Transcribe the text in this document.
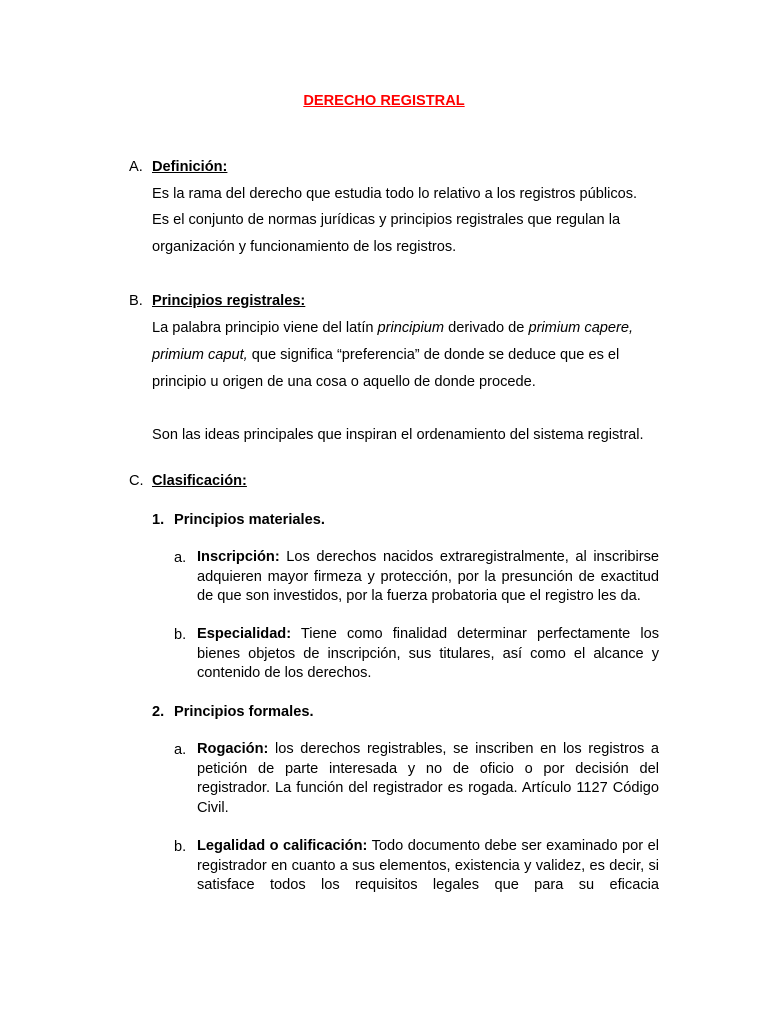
DERECHO REGISTRAL
A. Definición:
Es la rama del derecho que estudia todo lo relativo a los registros públicos.
Es el conjunto de normas jurídicas y principios registrales que regulan la
organización y funcionamiento de los registros.
B. Principios registrales:
La palabra principio viene del latín principium derivado de primium capere,
primium caput, que significa “preferencia” de donde se deduce que es el
principio u origen de una cosa o aquello de donde procede.
Son las ideas principales que inspiran el ordenamiento del sistema registral.
C. Clasificación:
1. Principios materiales.
a. Inscripción: Los derechos nacidos extraregistralmente, al inscribirse adquieren mayor firmeza y protección, por la presunción de exactitud de que son investidos, por la fuerza probatoria que el registro les da.
b. Especialidad: Tiene como finalidad determinar perfectamente los bienes objetos de inscripción, sus titulares, así como el alcance y contenido de los derechos.
2. Principios formales.
a. Rogación: los derechos registrables, se inscriben en los registros a petición de parte interesada y no de oficio o por decisión del registrador. La función del registrador es rogada. Artículo 1127 Código Civil.
b. Legalidad o calificación: Todo documento debe ser examinado por el registrador en cuanto a sus elementos, existencia y validez, es decir, si satisface todos los requisitos legales que para su eficacia
